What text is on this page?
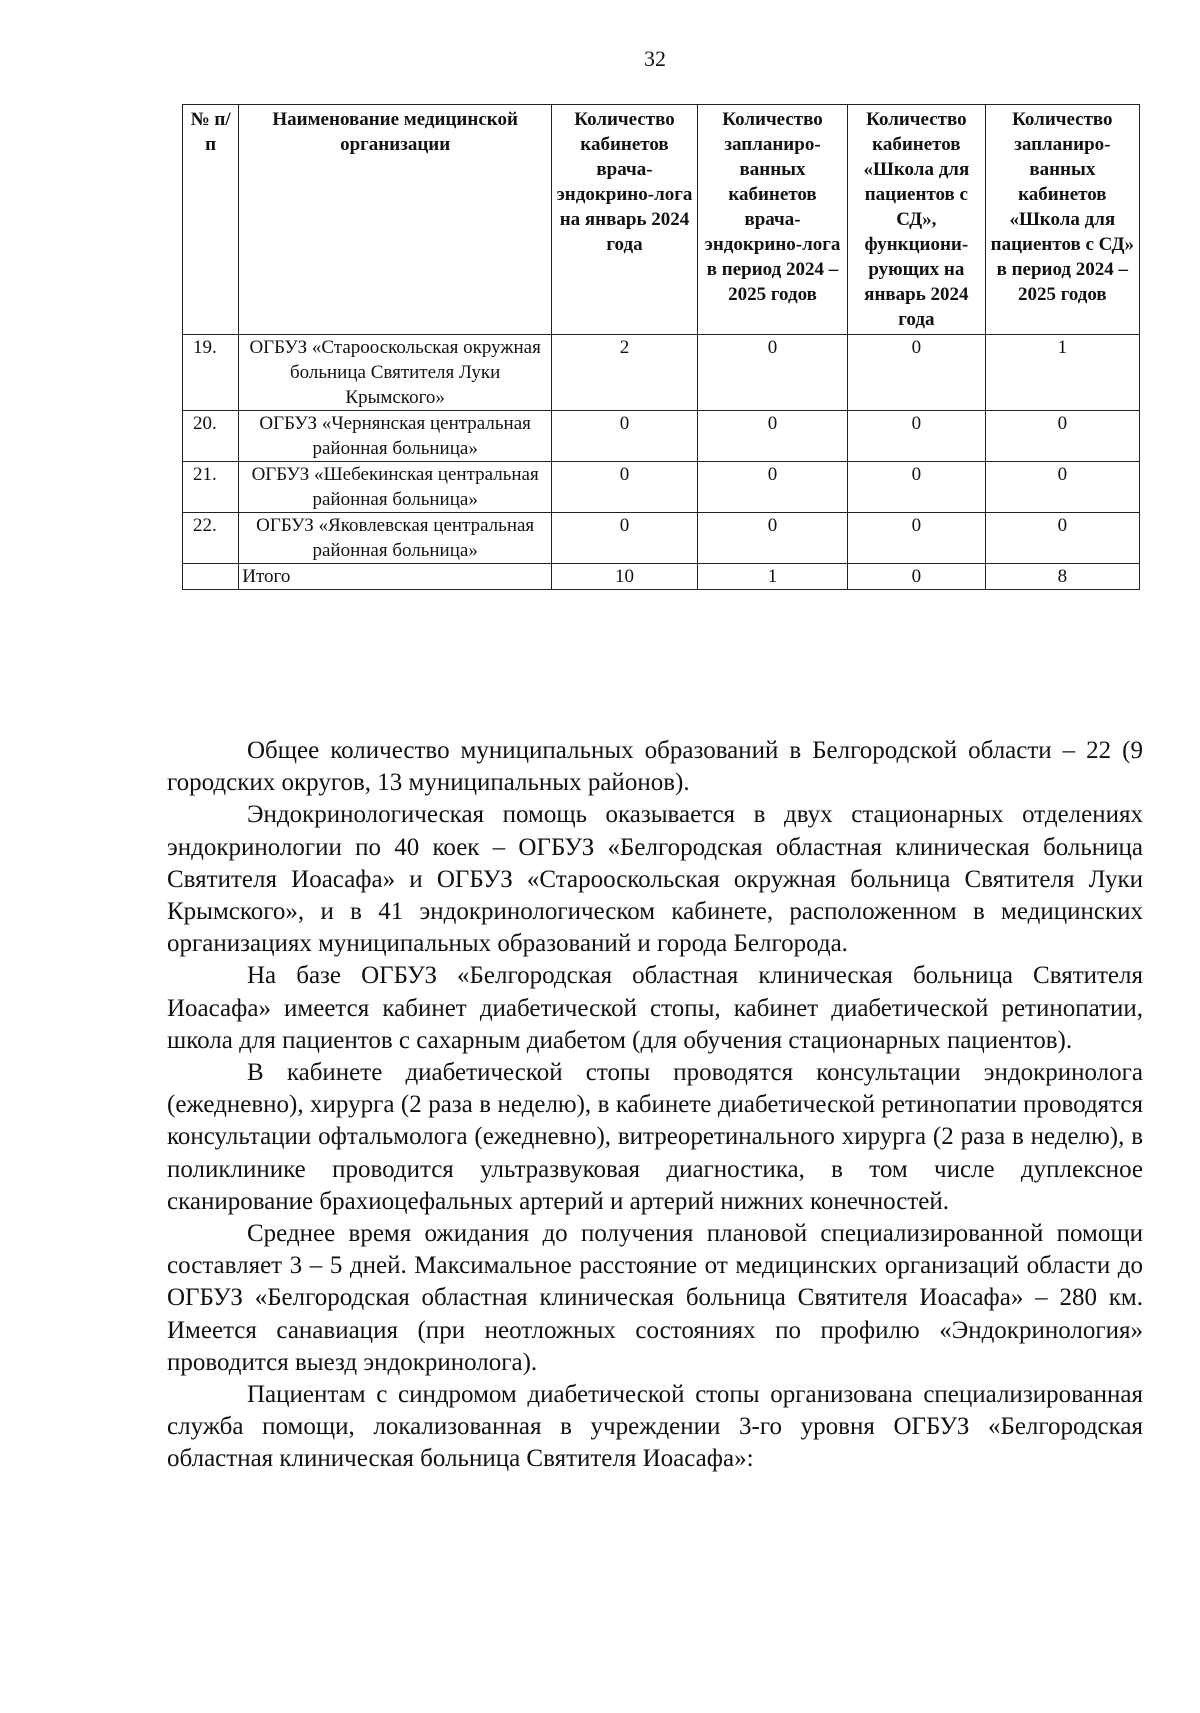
32
№ п/п	Наименование медицинской организации	Количество кабинетов врача-эндокрино-лога на январь 2024 года	Количество запланиро-ванных кабинетов врача-эндокрино-лога в период 2024 – 2025 годов	Количество кабинетов «Школа для пациентов с СД», функциони-рующих на январь 2024 года	Количество запланиро-ванных кабинетов «Школа для пациентов с СД» в период 2024 – 2025 годов
19.	ОГБУЗ «Старооскольская окружная больница Святителя Луки Крымского»	2	0	0	1
20.	ОГБУЗ «Чернянская центральная районная больница»	0	0	0	0
21.	ОГБУЗ «Шебекинская центральная районная больница»	0	0	0	0
22.	ОГБУЗ «Яковлевская центральная районная больница»	0	0	0	0
	Итого	10	1	0	8

Общее количество муниципальных образований в Белгородской области – 22 (9 городских округов, 13 муниципальных районов).

Эндокринологическая помощь оказывается в двух стационарных отделениях эндокринологии по 40 коек – ОГБУЗ «Белгородская областная клиническая больница Святителя Иоасафа» и ОГБУЗ «Старооскольская окружная больница Святителя Луки Крымского», и в 41 эндокринологическом кабинете, расположенном в медицинских организациях муниципальных образований и города Белгорода.

На базе ОГБУЗ «Белгородская областная клиническая больница Святителя Иоасафа» имеется кабинет диабетической стопы, кабинет диабетической ретинопатии, школа для пациентов с сахарным диабетом (для обучения стационарных пациентов).

В кабинете диабетической стопы проводятся консультации эндокринолога (ежедневно), хирурга (2 раза в неделю), в кабинете диабетической ретинопатии проводятся консультации офтальмолога (ежедневно), витреоретинального хирурга (2 раза в неделю), в поликлинике проводится ультразвуковая диагностика, в том числе дуплексное сканирование брахиоцефальных артерий и артерий нижних конечностей.

Среднее время ожидания до получения плановой специализированной помощи составляет 3 – 5 дней. Максимальное расстояние от медицинских организаций области до ОГБУЗ «Белгородская областная клиническая больница Святителя Иоасафа» – 280 км. Имеется санавиация (при неотложных состояниях по профилю «Эндокринология» проводится выезд эндокринолога).

Пациентам с синдромом диабетической стопы организована специализированная служба помощи, локализованная в учреждении 3-го уровня ОГБУЗ «Белгородская областная клиническая больница Святителя Иоасафа»:
